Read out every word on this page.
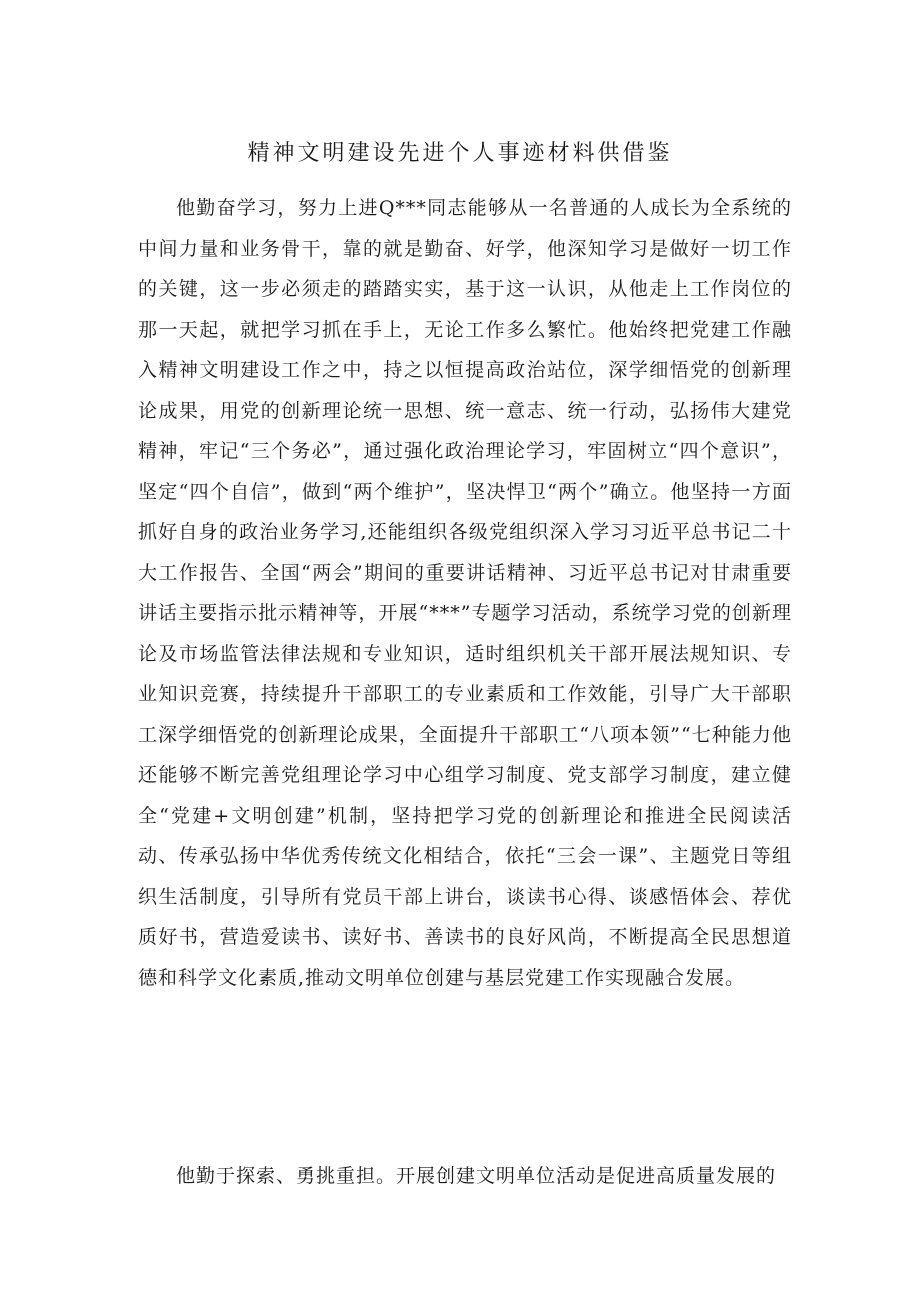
精神文明建设先进个人事迹材料供借鉴

他勤奋学习，努力上进Q***同志能够从一名普通的人成长为全系统的中间力量和业务骨干，靠的就是勤奋、好学，他深知学习是做好一切工作的关键，这一步必须走的踏踏实实，基于这一认识，从他走上工作岗位的那一天起，就把学习抓在手上，无论工作多么繁忙。他始终把党建工作融入精神文明建设工作之中，持之以恒提高政治站位，深学细悟党的创新理论成果，用党的创新理论统一思想、统一意志、统一行动，弘扬伟大建党精神，牢记“三个务必”，通过强化政治理论学习，牢固树立“四个意识”，坚定“四个自信”，做到“两个维护”，坚决悍卫“两个”确立。他坚持一方面抓好自身的政治业务学习,还能组织各级党组织深入学习习近平总书记二十大工作报告、全国“两会”期间的重要讲话精神、习近平总书记对甘肃重要讲话主要指示批示精神等，开展“***”专题学习活动，系统学习党的创新理论及市场监管法律法规和专业知识，适时组织机关干部开展法规知识、专业知识竞赛，持续提升干部职工的专业素质和工作效能，引导广大干部职工深学细悟党的创新理论成果，全面提升干部职工“八项本领”“七种能力他还能够不断完善党组理论学习中心组学习制度、党支部学习制度，建立健全“党建+文明创建”机制，坚持把学习党的创新理论和推进全民阅读活动、传承弘扬中华优秀传统文化相结合，依托“三会一课”、主题党日等组织生活制度，引导所有党员干部上讲台，谈读书心得、谈感悟体会、荐优质好书，营造爱读书、读好书、善读书的良好风尚，不断提高全民思想道德和科学文化素质,推动文明单位创建与基层党建工作实现融合发展。

他勤于探索、勇挑重担。开展创建文明单位活动是促进高质量发展的
